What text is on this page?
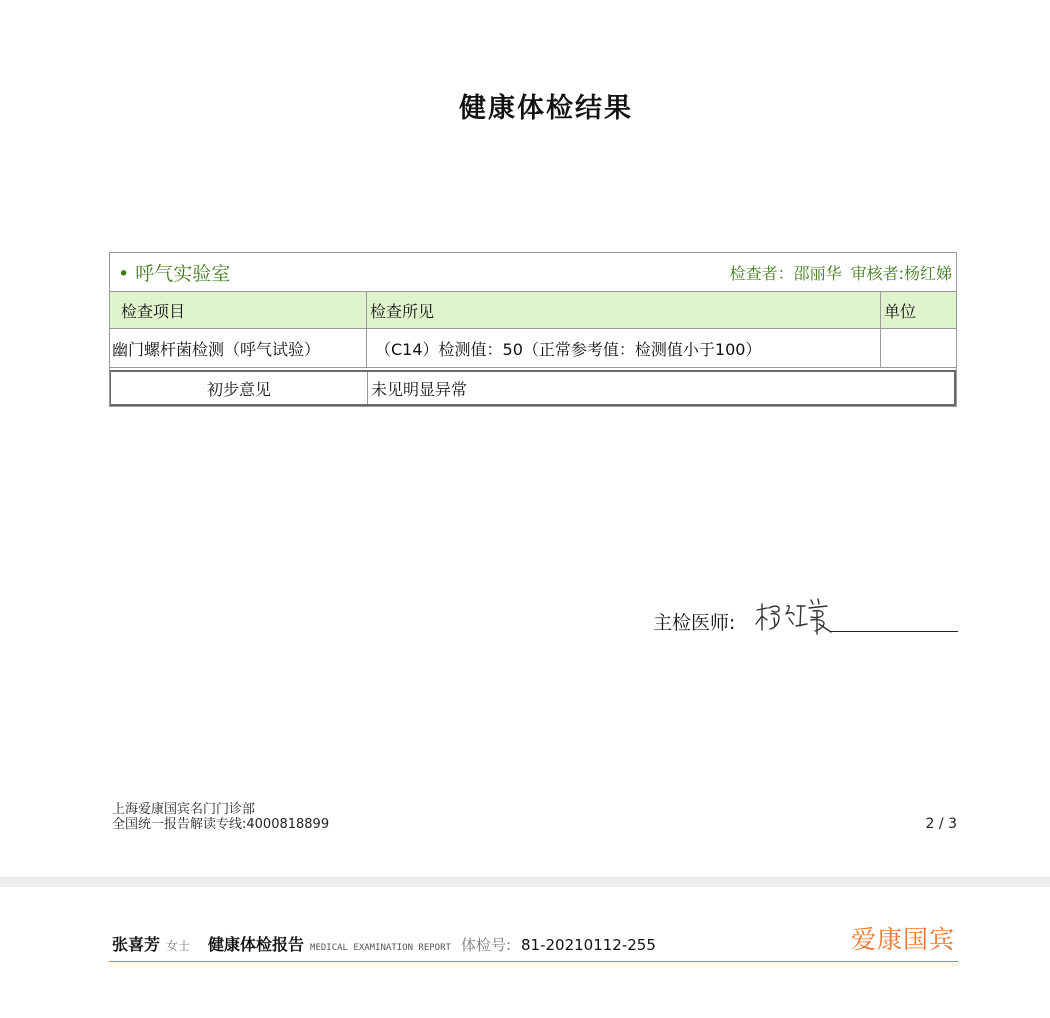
健康体检结果
• 呼气实验室	检查者：邵丽华 审核者:杨红娣
检查项目	检查所见	单位
幽门螺杆菌检测（呼气试验）	（C14）检测值：50（正常参考值：检测值小于100）
初步意见	未见明显异常
主检医师:
上海爱康国宾名门门诊部
全国统一报告解读专线:4000818899	2 / 3
张喜芳 女士 健康体检报告 MEDICAL EXAMINATION REPORT 体检号: 81-20210112-255	爱康国宾
